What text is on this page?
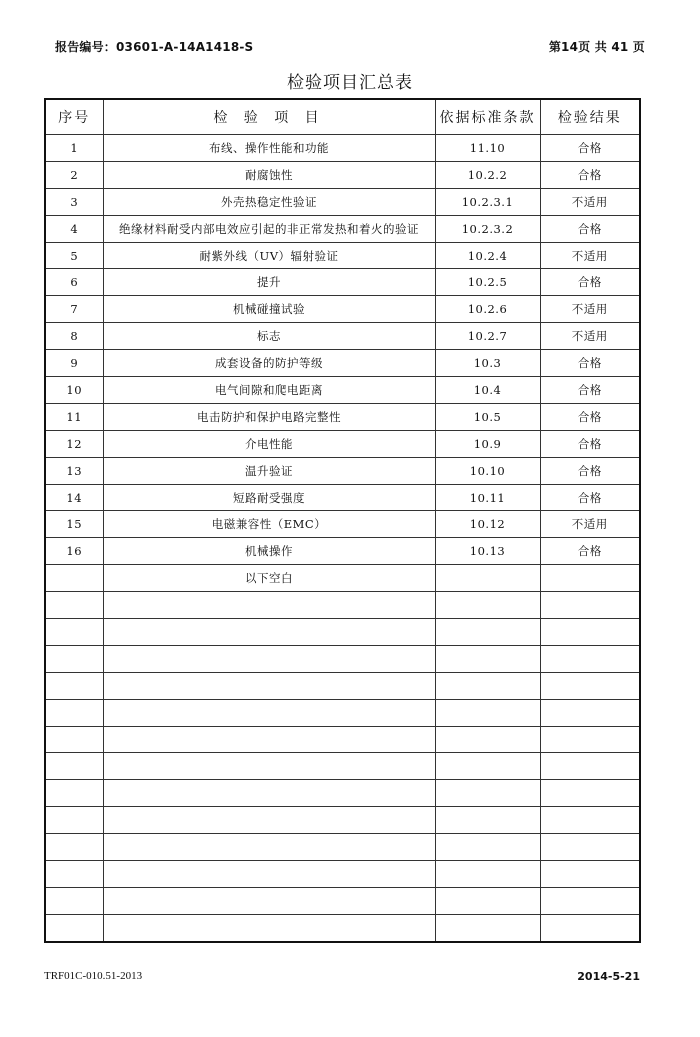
报告编号：03601-A-14A1418-S	第14页 共 41 页
检验项目汇总表
序号	检 验 项 目	依据标准条款	检验结果
1	布线、操作性能和功能	11.10	合格
2	耐腐蚀性	10.2.2	合格
3	外壳热稳定性验证	10.2.3.1	不适用
4	绝缘材料耐受内部电效应引起的非正常发热和着火的验证	10.2.3.2	合格
5	耐紫外线（UV）辐射验证	10.2.4	不适用
6	提升	10.2.5	合格
7	机械碰撞试验	10.2.6	不适用
8	标志	10.2.7	不适用
9	成套设备的防护等级	10.3	合格
10	电气间隙和爬电距离	10.4	合格
11	电击防护和保护电路完整性	10.5	合格
12	介电性能	10.9	合格
13	温升验证	10.10	合格
14	短路耐受强度	10.11	合格
15	电磁兼容性（EMC）	10.12	不适用
16	机械操作	10.13	合格
	以下空白		

TRF01C-010.51-2013	2014-5-21
